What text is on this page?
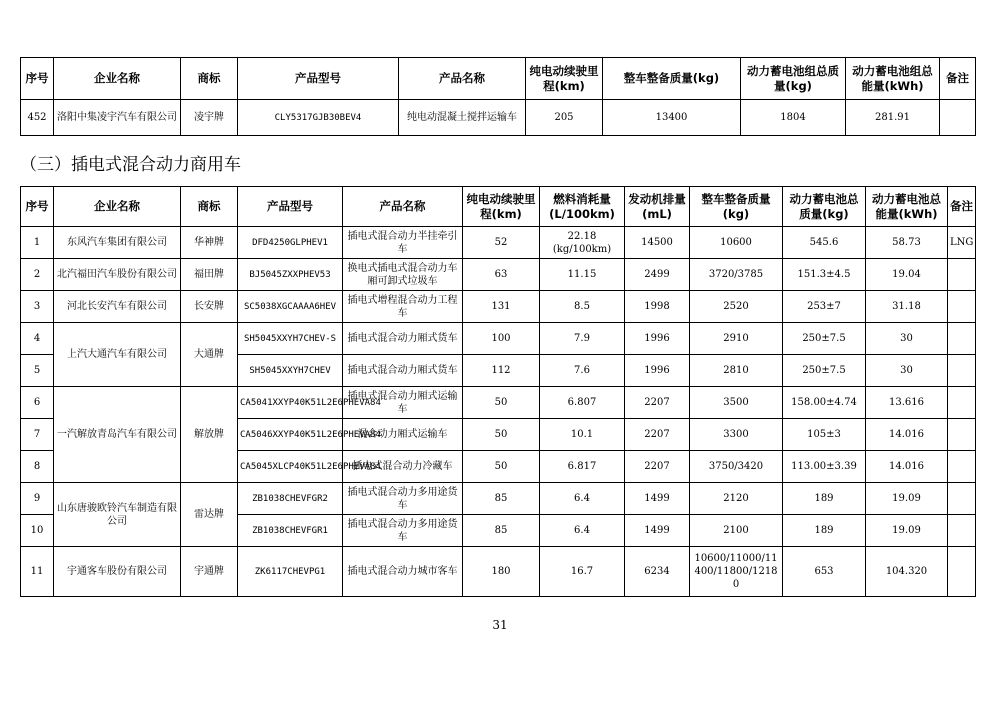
序号	企业名称	商标	产品型号	产品名称	纯电动续驶里程(km)	整车整备质量(kg)	动力蓄电池组总质量(kg)	动力蓄电池组总能量(kWh)	备注
452	洛阳中集凌宇汽车有限公司	凌宇牌	CLY5317GJB30BEV4	纯电动混凝土搅拌运输车	205	13400	1804	281.91	
（三）插电式混合动力商用车
序号	企业名称	商标	产品型号	产品名称	纯电动续驶里程(km)	燃料消耗量(L/100km)	发动机排量(mL)	整车整备质量(kg)	动力蓄电池总质量(kg)	动力蓄电池总能量(kWh)	备注
1	东风汽车集团有限公司	华神牌	DFD4250GLPHEV1	插电式混合动力半挂牵引车	52	22.18 (kg/100km)	14500	10600	545.6	58.73	LNG
2	北汽福田汽车股份有限公司	福田牌	BJ5045ZXXPHEV53	换电式插电式混合动力车厢可卸式垃圾车	63	11.15	2499	3720/3785	151.3±4.5	19.04	
3	河北长安汽车有限公司	长安牌	SC5038XGCAAAA6HEV	插电式增程混合动力工程车	131	8.5	1998	2520	253±7	31.18	
4	上汽大通汽车有限公司	大通牌	SH5045XXYH7CHEV-S	插电式混合动力厢式货车	100	7.9	1996	2910	250±7.5	30	
5			SH5045XXYH7CHEV	插电式混合动力厢式货车	112	7.6	1996	2810	250±7.5	30	
6	一汽解放青岛汽车有限公司	解放牌	CA5041XXYP40K51L2E6PHEVA84	插电式混合动力厢式运输车	50	6.807	2207	3500	158.00±4.74	13.616	
7			CA5046XXYP40K51L2E6PHEVA84	混合动力厢式运输车	50	10.1	2207	3300	105±3	14.016	
8			CA5045XLCP40K51L2E6PHEVA84	插电式混合动力冷藏车	50	6.817	2207	3750/3420	113.00±3.39	14.016	
9	山东唐骏欧铃汽车制造有限公司	雷达牌	ZB1038CHEVFGR2	插电式混合动力多用途货车	85	6.4	1499	2120	189	19.09	
10			ZB1038CHEVFGR1	插电式混合动力多用途货车	85	6.4	1499	2100	189	19.09	
11	宇通客车股份有限公司	宇通牌	ZK6117CHEVPG1	插电式混合动力城市客车	180	16.7	6234	10600/11000/11400/11800/12180	653	104.320	
31
